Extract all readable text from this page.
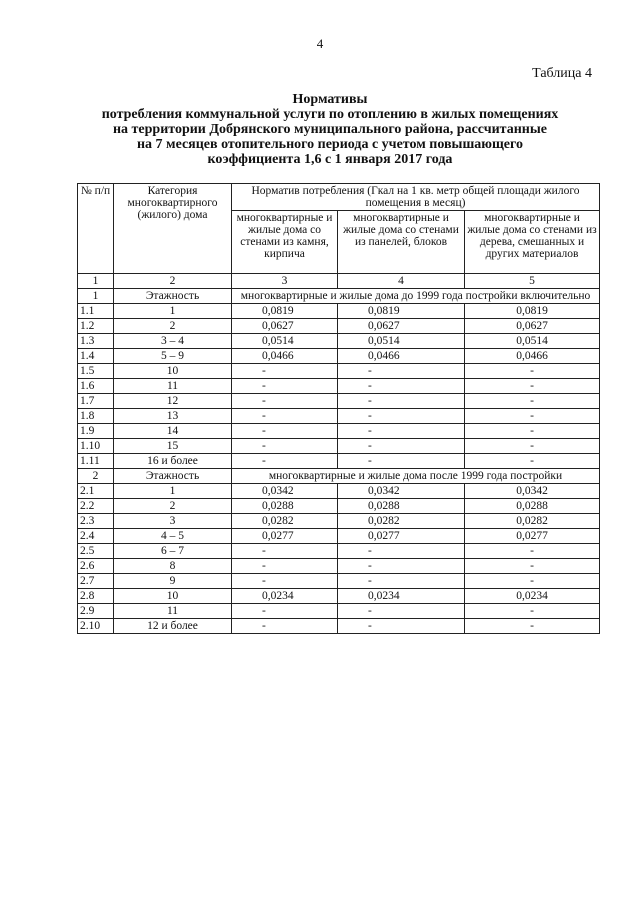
4
Таблица 4
Нормативы
потребления коммунальной услуги по отоплению в жилых помещениях
на территории Добрянского муниципального района, рассчитанные
на 7 месяцев отопительного периода с учетом повышающего
коэффициента 1,6 с 1 января 2017 года
№ п/п	Категория многоквартирного (жилого) дома	Норматив потребления (Гкал на 1 кв. метр общей площади жилого помещения в месяц)		
		многоквартирные и жилые дома со стенами из камня, кирпича	многоквартирные и жилые дома со стенами из панелей, блоков	многоквартирные и жилые дома со стенами из дерева, смешанных и других материалов
1	2	3	4	5
1	Этажность	многоквартирные и жилые дома до 1999 года постройки включительно		
1.1	1	0,0819	0,0819	0,0819
1.2	2	0,0627	0,0627	0,0627
1.3	3 – 4	0,0514	0,0514	0,0514
1.4	5 – 9	0,0466	0,0466	0,0466
1.5	10	-	-	-
1.6	11	-	-	-
1.7	12	-	-	-
1.8	13	-	-	-
1.9	14	-	-	-
1.10	15	-	-	-
1.11	16 и более	-	-	-
2	Этажность	многоквартирные и жилые дома после 1999 года постройки		
2.1	1	0,0342	0,0342	0,0342
2.2	2	0,0288	0,0288	0,0288
2.3	3	0,0282	0,0282	0,0282
2.4	4 – 5	0,0277	0,0277	0,0277
2.5	6 – 7	-	-	-
2.6	8	-	-	-
2.7	9	-	-	-
2.8	10	0,0234	0,0234	0,0234
2.9	11	-	-	-
2.10	12 и более	-	-	-
